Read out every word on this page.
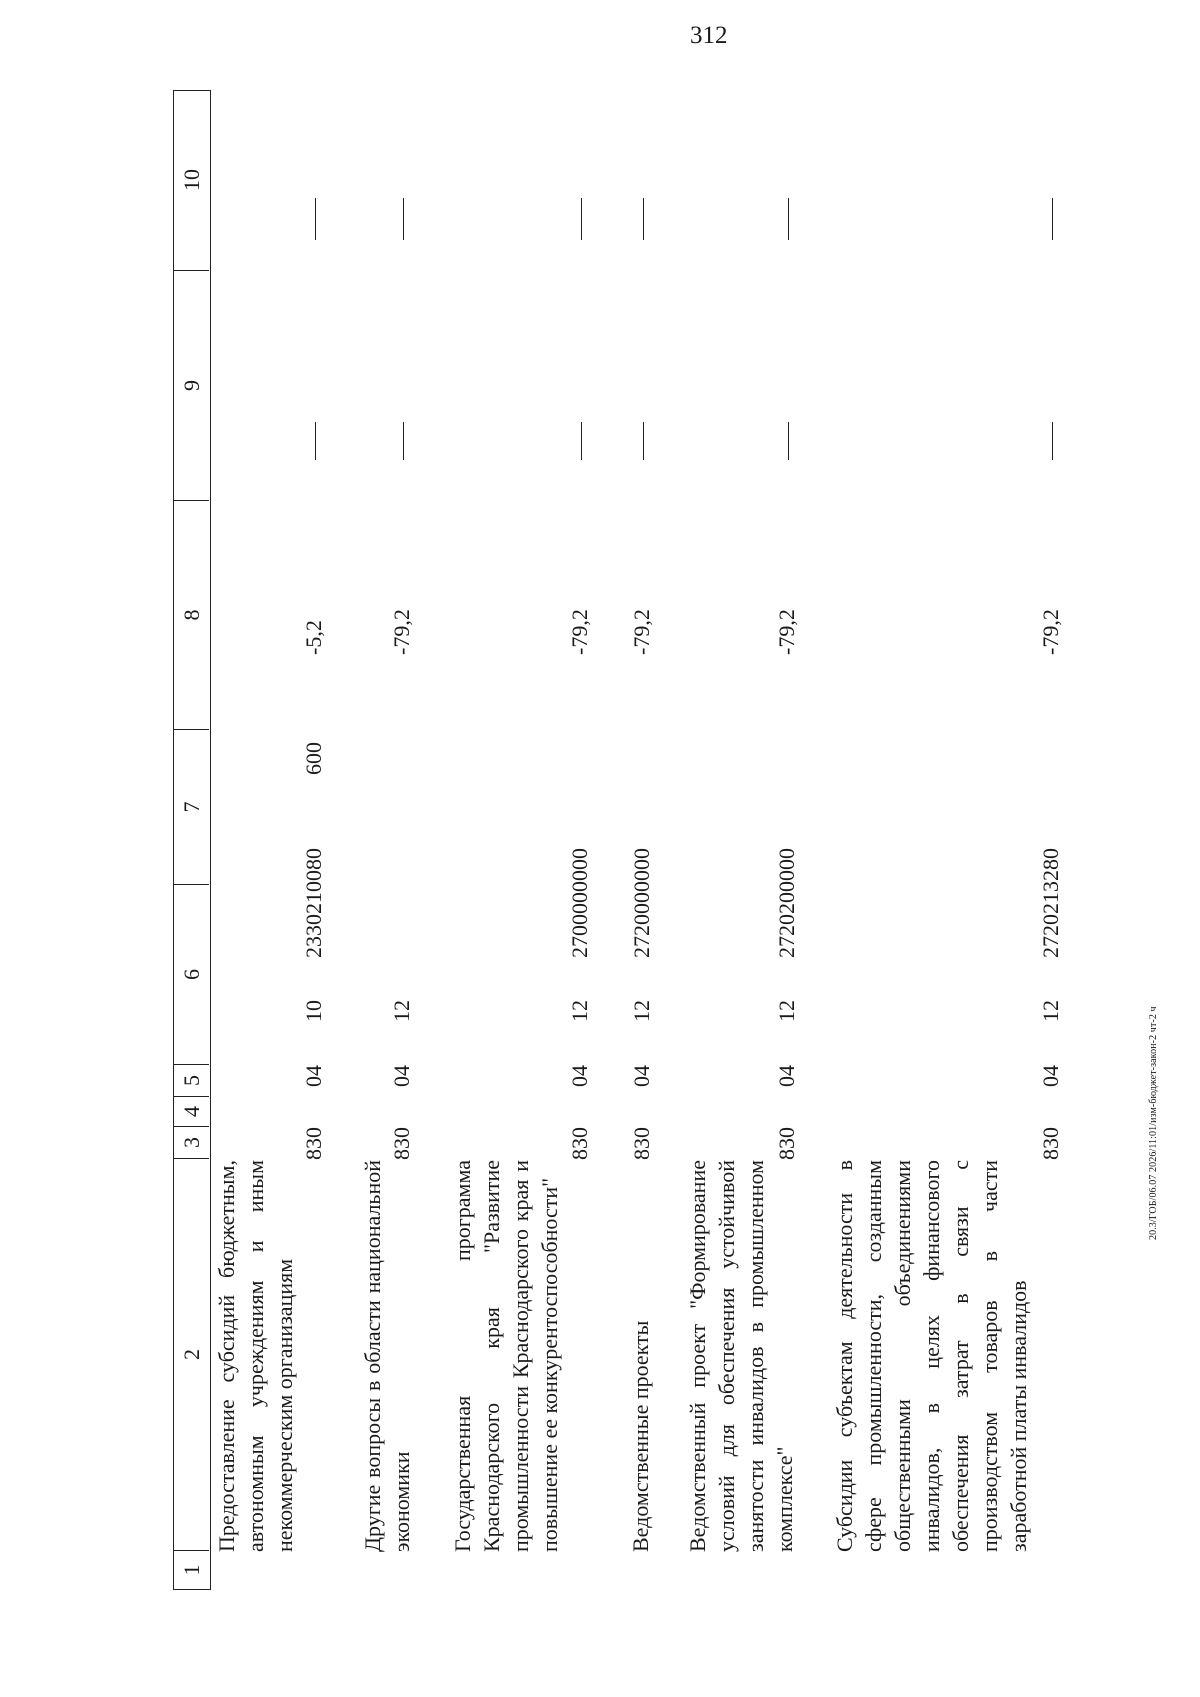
312
20.3/ГОБ/06.07 2026/11:01/изм-бюджет-закон-2 чт-2 ч
1
2
3
4
5
6
7
8
9
10
Предоставление субсидий бюджетным, автономным учреждениям и иным некоммерческим организациям
830
04
10
2330210080
600
-5,2
Другие вопросы в области национальной экономики
830
04
12
-79,2
Государственная программа Краснодарского края "Развитие промышленности Краснодарского края и повышение ее конкурентоспособности"
830
04
12
2700000000
-79,2
Ведомственные проекты
830
04
12
2720000000
-79,2
Ведомственный проект "Формирование условий для обеспечения устойчивой занятости инвалидов в промышленном комплексе"
830
04
12
2720200000
-79,2
Субсидии субъектам деятельности в сфере промышленности, созданным общественными объединениями инвалидов, в целях финансового обеспечения затрат в связи с производством товаров в части заработной платы инвалидов
830
04
12
2720213280
-79,2
